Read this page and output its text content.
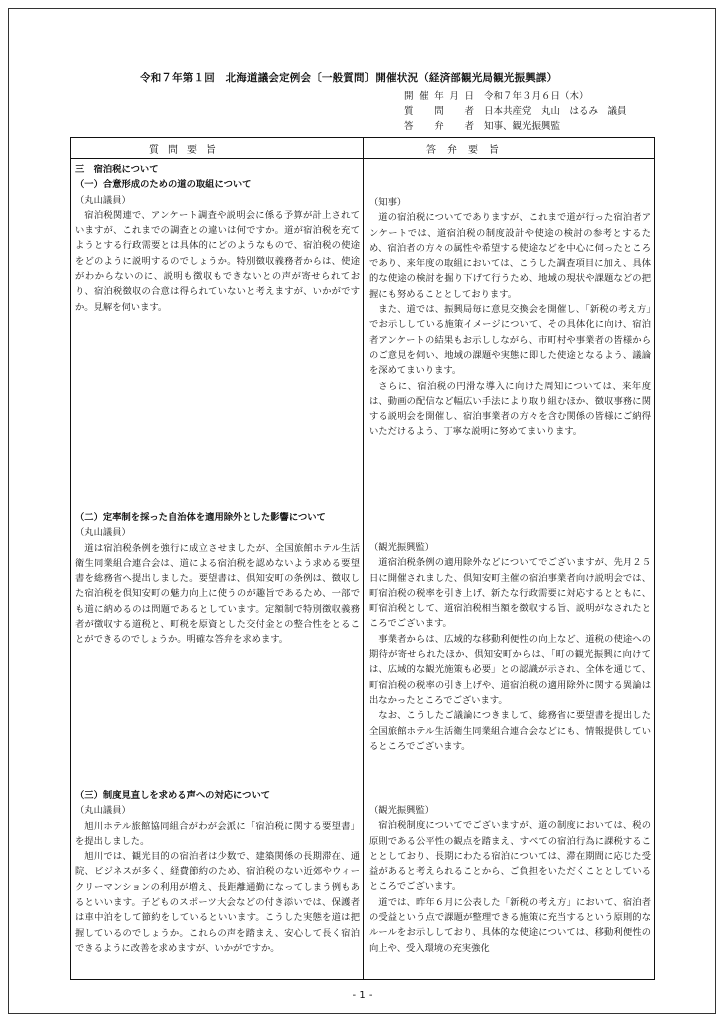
令和７年第１回　北海道議会定例会〔一般質問〕開催状況（経済部観光局観光振興課）
開催年月日 令和７年３月６日（木）
質　問　者 日本共産党　丸山　はるみ　議員
答　弁　者 知事、観光振興監
質問要旨	答弁要旨
三　宿泊税について
（一）合意形成のための道の取組について
（丸山議員）

宿泊税関連で、アンケート調査や説明会に係る予算が計上されていますが、これまでの調査との違いは何ですか。道が宿泊税を充てようとする行政需要とは具体的にどのようなもので、宿泊税の使途をどのように説明するのでしょうか。特別徴収義務者からは、使途がわからないのに、説明も徴収もできないとの声が寄せられており、宿泊税徴収の合意は得られていないと考えますが、いかがですか。見解を伺います。

（知事）

道の宿泊税についてでありますが、これまで道が行った宿泊者アンケートでは、道宿泊税の制度設計や使途の検討の参考とするため、宿泊者の方々の属性や希望する使途などを中心に伺ったところであり、来年度の取組においては、こうした調査項目に加え、具体的な使途の検討を掘り下げて行うため、地域の現状や課題などの把握にも努めることとしております。

また、道では、振興局毎に意見交換会を開催し、「新税の考え方」でお示ししている施策イメージについて、その具体化に向け、宿泊者アンケートの結果もお示ししながら、市町村や事業者の皆様からのご意見を伺い、地域の課題や実態に即した使途となるよう、議論を深めてまいります。

さらに、宿泊税の円滑な導入に向けた周知については、来年度は、動画の配信など幅広い手法により取り組むほか、徴収事務に関する説明会を開催し、宿泊事業者の方々を含む関係の皆様にご納得いただけるよう、丁寧な説明に努めてまいります。

（二）定率制を採った自治体を適用除外とした影響について
（丸山議員）

道は宿泊税条例を強行に成立させましたが、全国旅館ホテル生活衛生同業組合連合会は、道による宿泊税を認めないよう求める要望書を総務省へ提出しました。要望書は、倶知安町の条例は、徴収した宿泊税を倶知安町の魅力向上に使うのが趣旨であるため、一部でも道に納めるのは問題であるとしています。定額制で特別徴収義務者が徴収する道税と、町税を原資とした交付金との整合性をとることができるのでしょうか。明確な答弁を求めます。

（観光振興監）

道宿泊税条例の適用除外などについてでございますが、先月２５日に開催されました、倶知安町主催の宿泊事業者向け説明会では、町宿泊税の税率を引き上げ、新たな行政需要に対応するとともに、町宿泊税として、道宿泊税相当額を徴収する旨、説明がなされたところでございます。

事業者からは、広域的な移動利便性の向上など、道税の使途への期待が寄せられたほか、倶知安町からは、「町の観光振興に向けては、広域的な観光施策も必要」との認識が示され、全体を通じて、町宿泊税の税率の引き上げや、道宿泊税の適用除外に関する異論は出なかったところでございます。

なお、こうしたご議論につきまして、総務省に要望書を提出した全国旅館ホテル生活衛生同業組合連合会などにも、情報提供しているところでございます。

（三）制度見直しを求める声への対応について
（丸山議員）

旭川ホテル旅館協同組合がわが会派に「宿泊税に関する要望書」を提出しました。

旭川では、観光目的の宿泊者は少数で、建築関係の長期滞在、通院、ビジネスが多く、経費節約のため、宿泊税のない近郊やウィークリーマンションの利用が増え、長距離通勤になってしまう例もあるといいます。子どものスポーツ大会などの付き添いでは、保護者は車中泊をして節約をしているといいます。こうした実態を道は把握しているのでしょうか。これらの声を踏まえ、安心して長く宿泊できるように改善を求めますが、いかがですか。

（観光振興監）

宿泊税制度についてでございますが、道の制度においては、税の原則である公平性の観点を踏まえ、すべての宿泊行為に課税することとしており、長期にわたる宿泊については、滞在期間に応じた受益があると考えられることから、ご負担をいただくこととしているところでございます。

道では、昨年６月に公表した「新税の考え方」において、宿泊者の受益という点で課題が整理できる施策に充当するという原則的なルールをお示ししており、具体的な使途については、移動利便性の向上や、受入環境の充実強化

- 1 -
